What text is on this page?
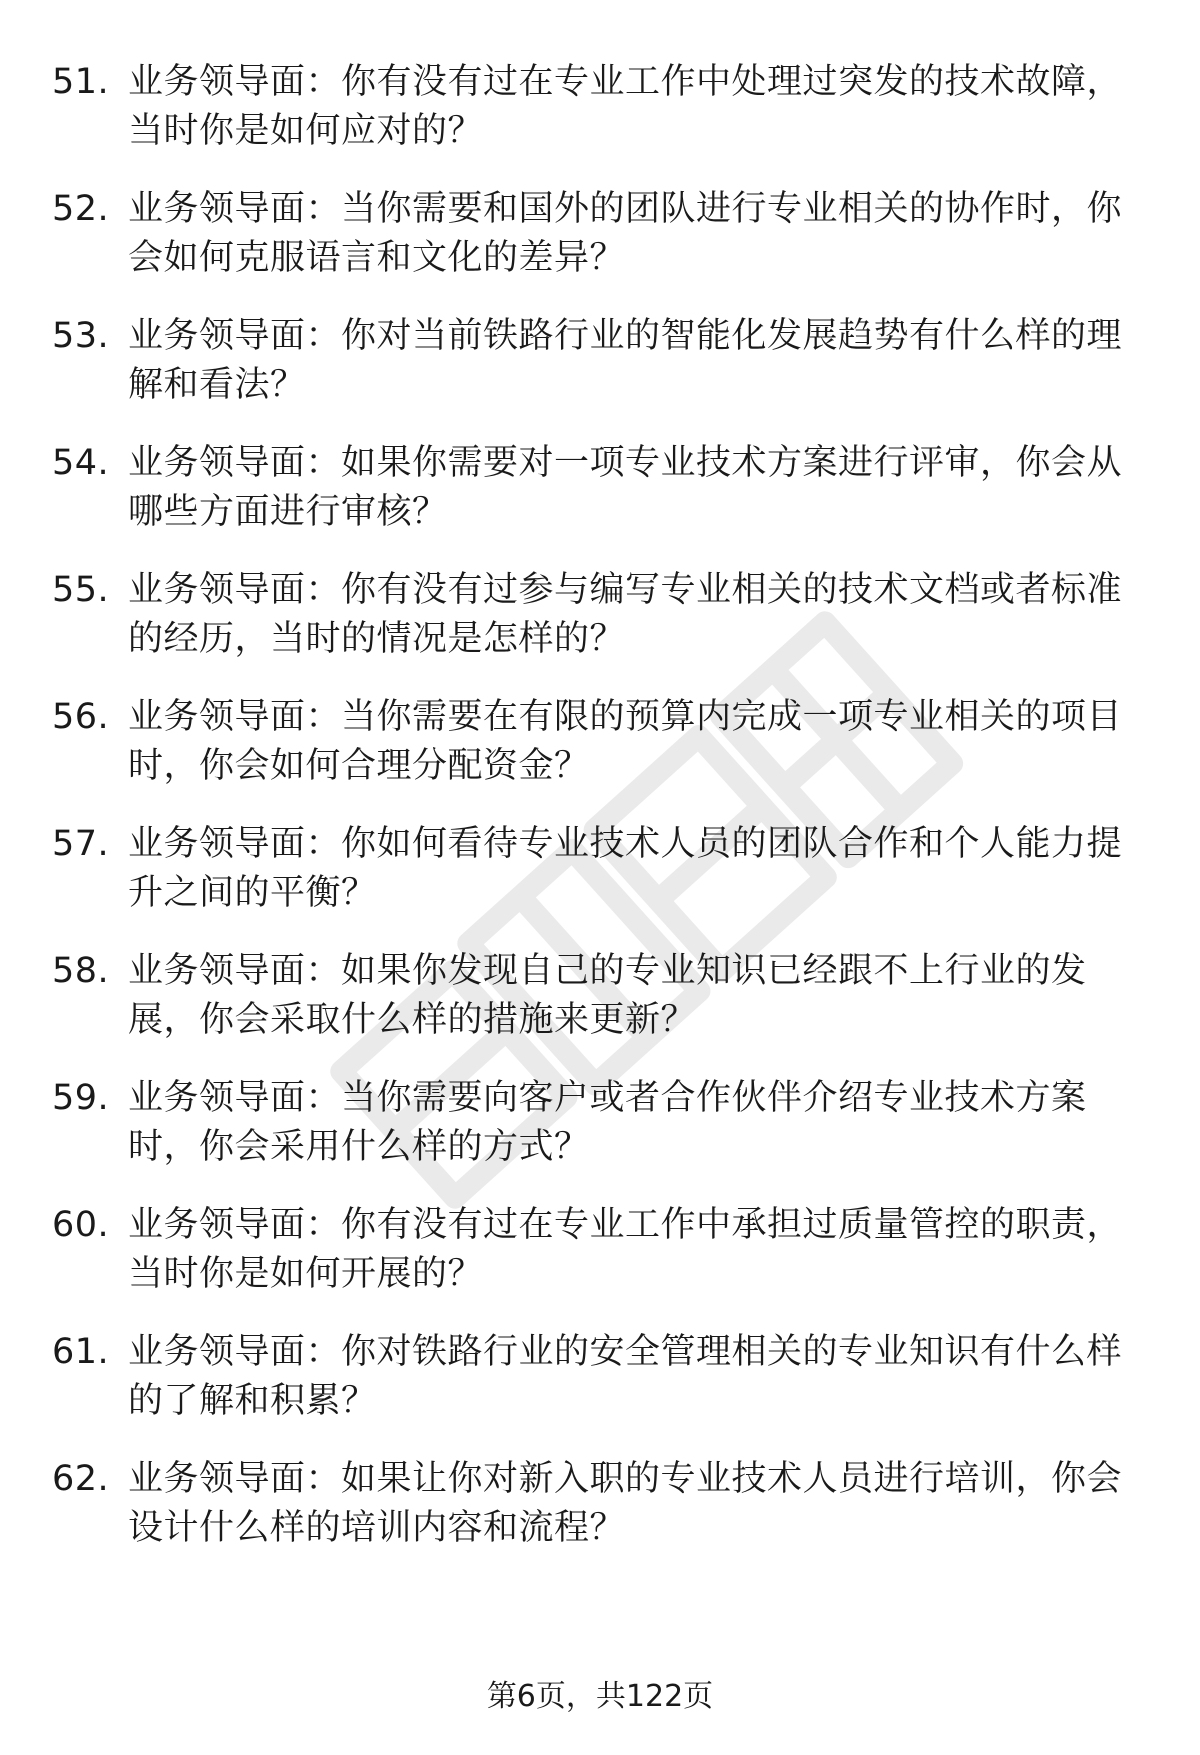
51. 业务领导面：你有没有过在专业工作中处理过突发的技术故障，当时你是如何应对的？
52. 业务领导面：当你需要和国外的团队进行专业相关的协作时，你会如何克服语言和文化的差异？
53. 业务领导面：你对当前铁路行业的智能化发展趋势有什么样的理解和看法？
54. 业务领导面：如果你需要对一项专业技术方案进行评审，你会从哪些方面进行审核？
55. 业务领导面：你有没有过参与编写专业相关的技术文档或者标准的经历，当时的情况是怎样的？
56. 业务领导面：当你需要在有限的预算内完成一项专业相关的项目时，你会如何合理分配资金？
57. 业务领导面：你如何看待专业技术人员的团队合作和个人能力提升之间的平衡？
58. 业务领导面：如果你发现自己的专业知识已经跟不上行业的发展，你会采取什么样的措施来更新？
59. 业务领导面：当你需要向客户或者合作伙伴介绍专业技术方案时，你会采用什么样的方式？
60. 业务领导面：你有没有过在专业工作中承担过质量管控的职责，当时你是如何开展的？
61. 业务领导面：你对铁路行业的安全管理相关的专业知识有什么样的了解和积累？
62. 业务领导面：如果让你对新入职的专业技术人员进行培训，你会设计什么样的培训内容和流程？
第6页，共122页
